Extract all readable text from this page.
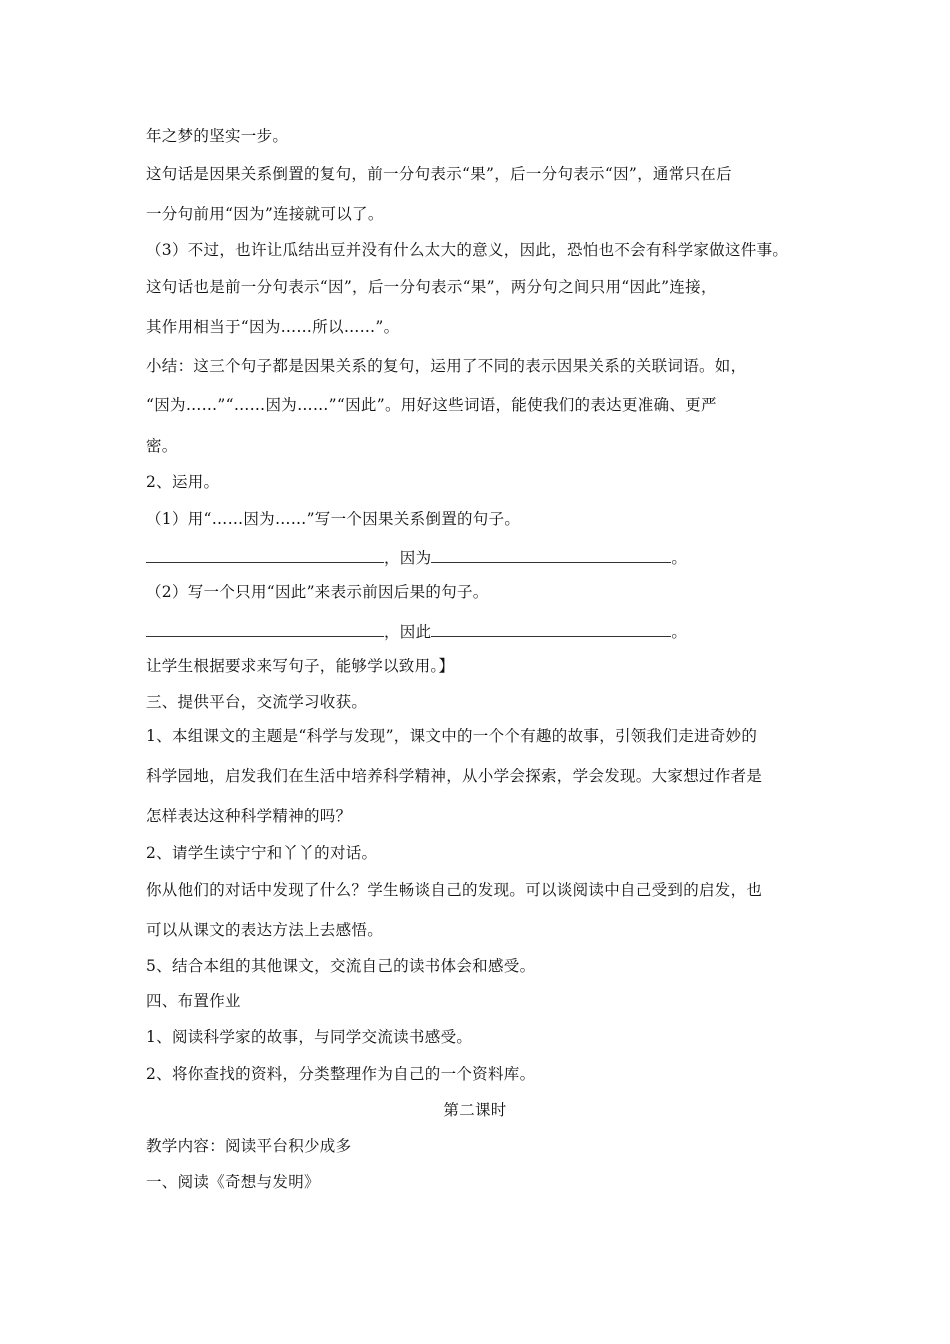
年之梦的坚实一步。
这句话是因果关系倒置的复句，前一分句表示“果”，后一分句表示“因”，通常只在后
一分句前用“因为”连接就可以了。
（3）不过，也许让瓜结出豆并没有什么太大的意义，因此，恐怕也不会有科学家做这件事。
这句话也是前一分句表示“因”，后一分句表示“果”，两分句之间只用“因此”连接，
其作用相当于“因为……所以……”。
小结：这三个句子都是因果关系的复句，运用了不同的表示因果关系的关联词语。如，
“因为……”“……因为……”“因此”。用好这些词语，能使我们的表达更准确、更严
密。
2、运用。
（1）用“……因为……”写一个因果关系倒置的句子。
，因为	。
（2）写一个只用“因此”来表示前因后果的句子。
，因此	。
让学生根据要求来写句子，能够学以致用。】
三、提供平台，交流学习收获。
1、本组课文的主题是“科学与发现”，课文中的一个个有趣的故事，引领我们走进奇妙的
科学园地，启发我们在生活中培养科学精神，从小学会探索，学会发现。大家想过作者是
怎样表达这种科学精神的吗？
2、请学生读宁宁和丫丫的对话。
你从他们的对话中发现了什么？学生畅谈自己的发现。可以谈阅读中自己受到的启发，也
可以从课文的表达方法上去感悟。
5、结合本组的其他课文，交流自己的读书体会和感受。
四、布置作业
1、阅读科学家的故事，与同学交流读书感受。
2、将你查找的资料，分类整理作为自己的一个资料库。
第二课时
教学内容：阅读平台积少成多
一、阅读《奇想与发明》
